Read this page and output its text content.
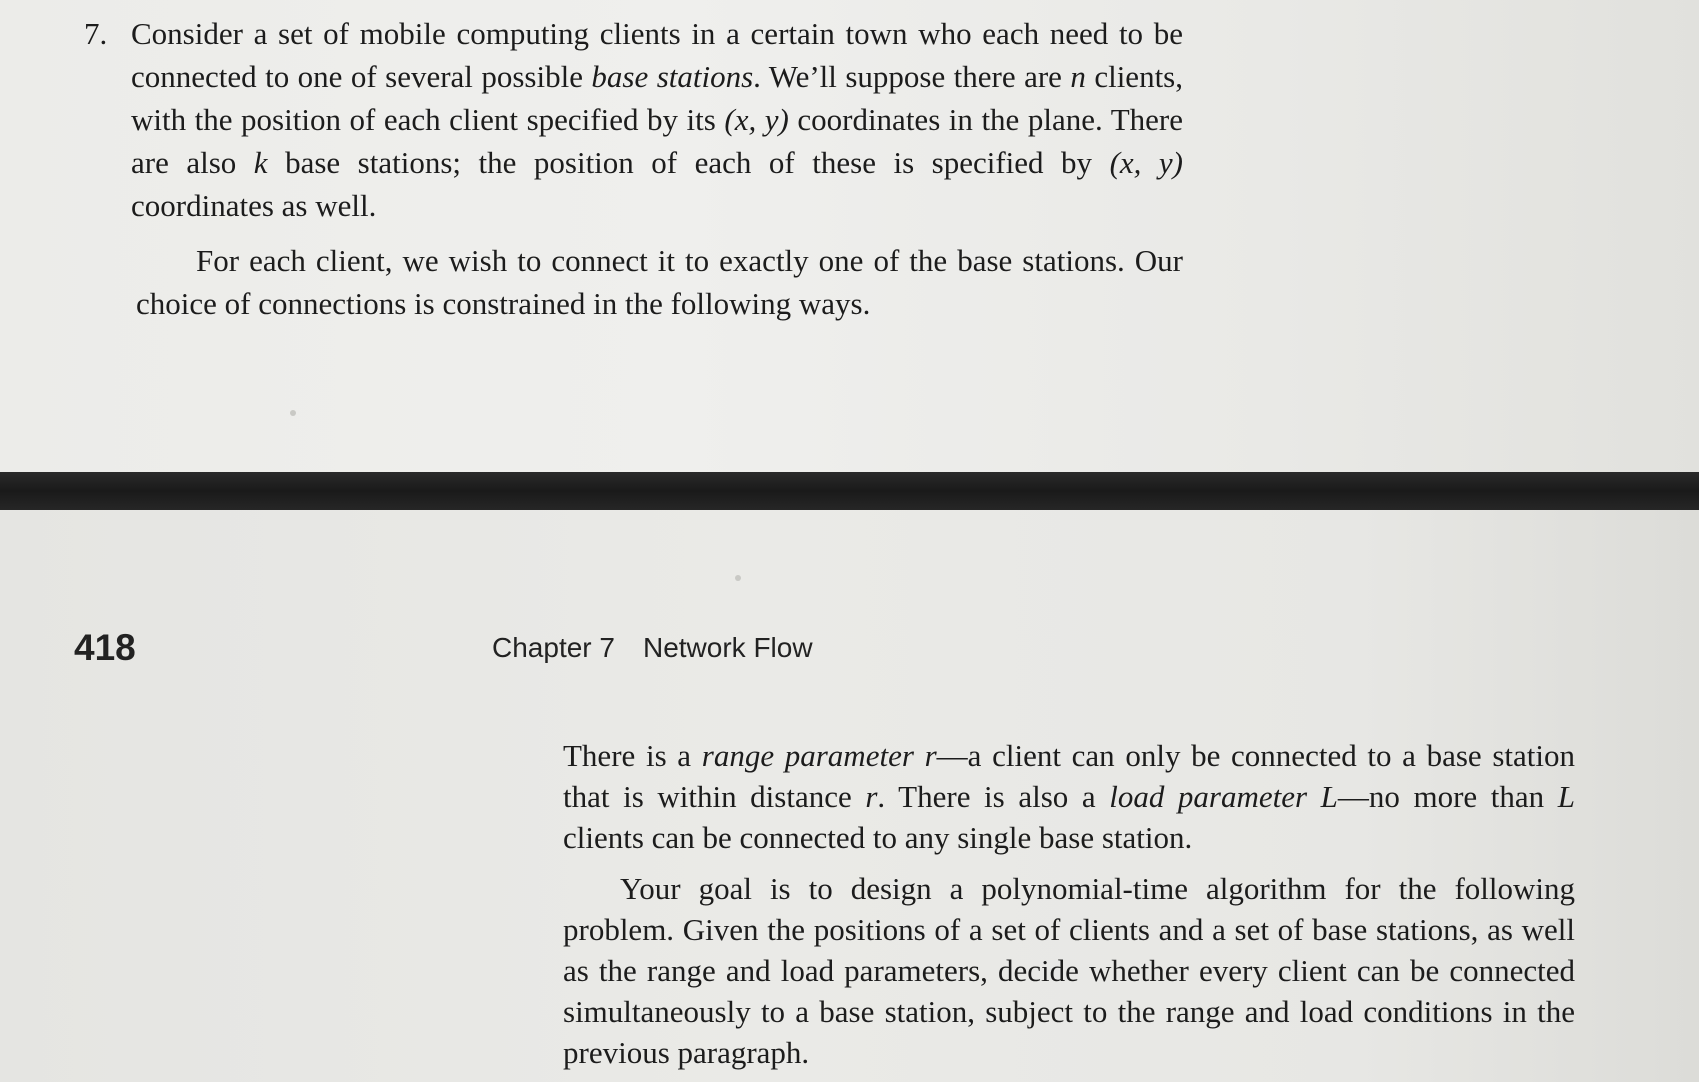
7. Consider a set of mobile computing clients in a certain town who each need to be connected to one of several possible base stations. We’ll suppose there are n clients, with the position of each client specified by its (x, y) coordinates in the plane. There are also k base stations; the position of each of these is specified by (x, y) coordinates as well.

For each client, we wish to connect it to exactly one of the base stations. Our choice of connections is constrained in the following ways.

418	Chapter 7 Network Flow

There is a range parameter r—a client can only be connected to a base station that is within distance r. There is also a load parameter L—no more than L clients can be connected to any single base station.

Your goal is to design a polynomial-time algorithm for the following problem. Given the positions of a set of clients and a set of base stations, as well as the range and load parameters, decide whether every client can be connected simultaneously to a base station, subject to the range and load conditions in the previous paragraph.
